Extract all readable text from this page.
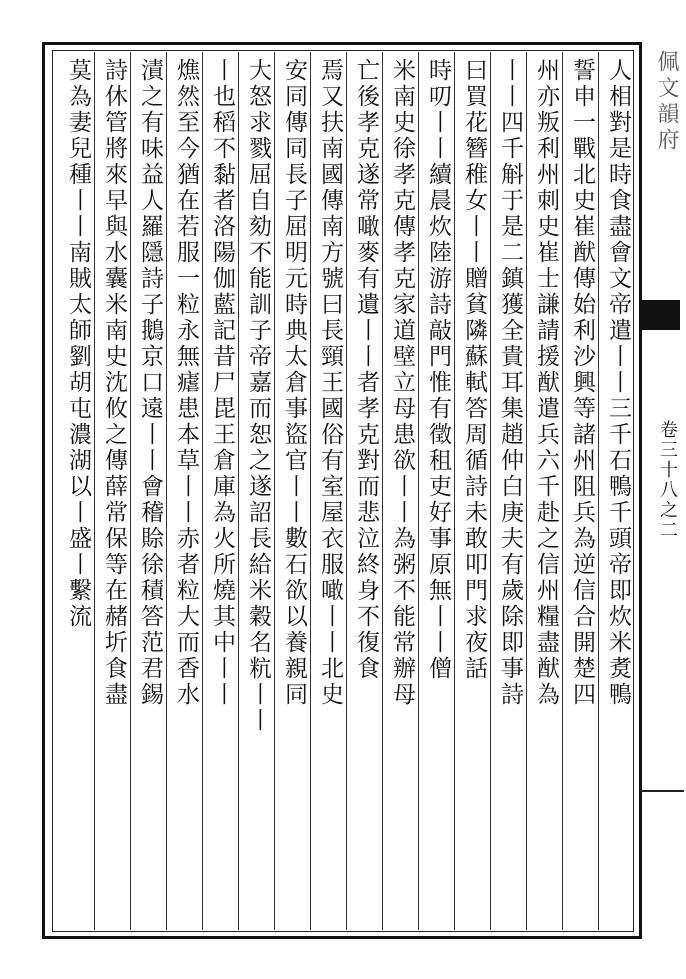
人相對是時食盡會文帝遣丨丨三千石鴨千頭帝即炊米煑鴨
誓申一戰北史崔猷傳始利沙興等諸州阻兵為逆信合開楚四
州亦叛利州刺史崔士謙請援猷遣兵六千赴之信州糧盡猷為
丨丨四千斛于是二鎮獲全貴耳集趙仲白庚夫有歲除即事詩
曰買花簪稚女丨丨贈貧隣蘇軾答周循詩未敢叩門求夜話
時叨丨丨續晨炊陸游詩敲門惟有徵租吏好事原無丨丨僧
米南史徐孝克傳孝克家道壁立母患欲丨丨為粥不能常辦母
亡後孝克遂常噉麥有遺丨丨者孝克對而悲泣終身不復食
焉又扶南國傳南方號曰長頸王國俗有室屋衣服噉丨丨北史
安同傳同長子屈明元時典太倉事盜官丨丨數石欲以養親同
大怒求戮屈自劾不能訓子帝嘉而恕之遂詔長給米穀名粇丨丨
丨也稻不黏者洛陽伽藍記昔尸毘王倉庫為火所燒其中丨丨
燋然至今猶在若服一粒永無瘧患本草丨丨赤者粒大而香水
漬之有味益人羅隱詩子鵝京口遠丨丨會稽賒徐積答范君錫
詩休管將來早與水囊米南史沈攸之傳薛常保等在赭圻食盡
莫為妻兒種丨丨南賊太師劉胡屯濃湖以丨盛丨繫流	佩文韻府
卷三十八之二
